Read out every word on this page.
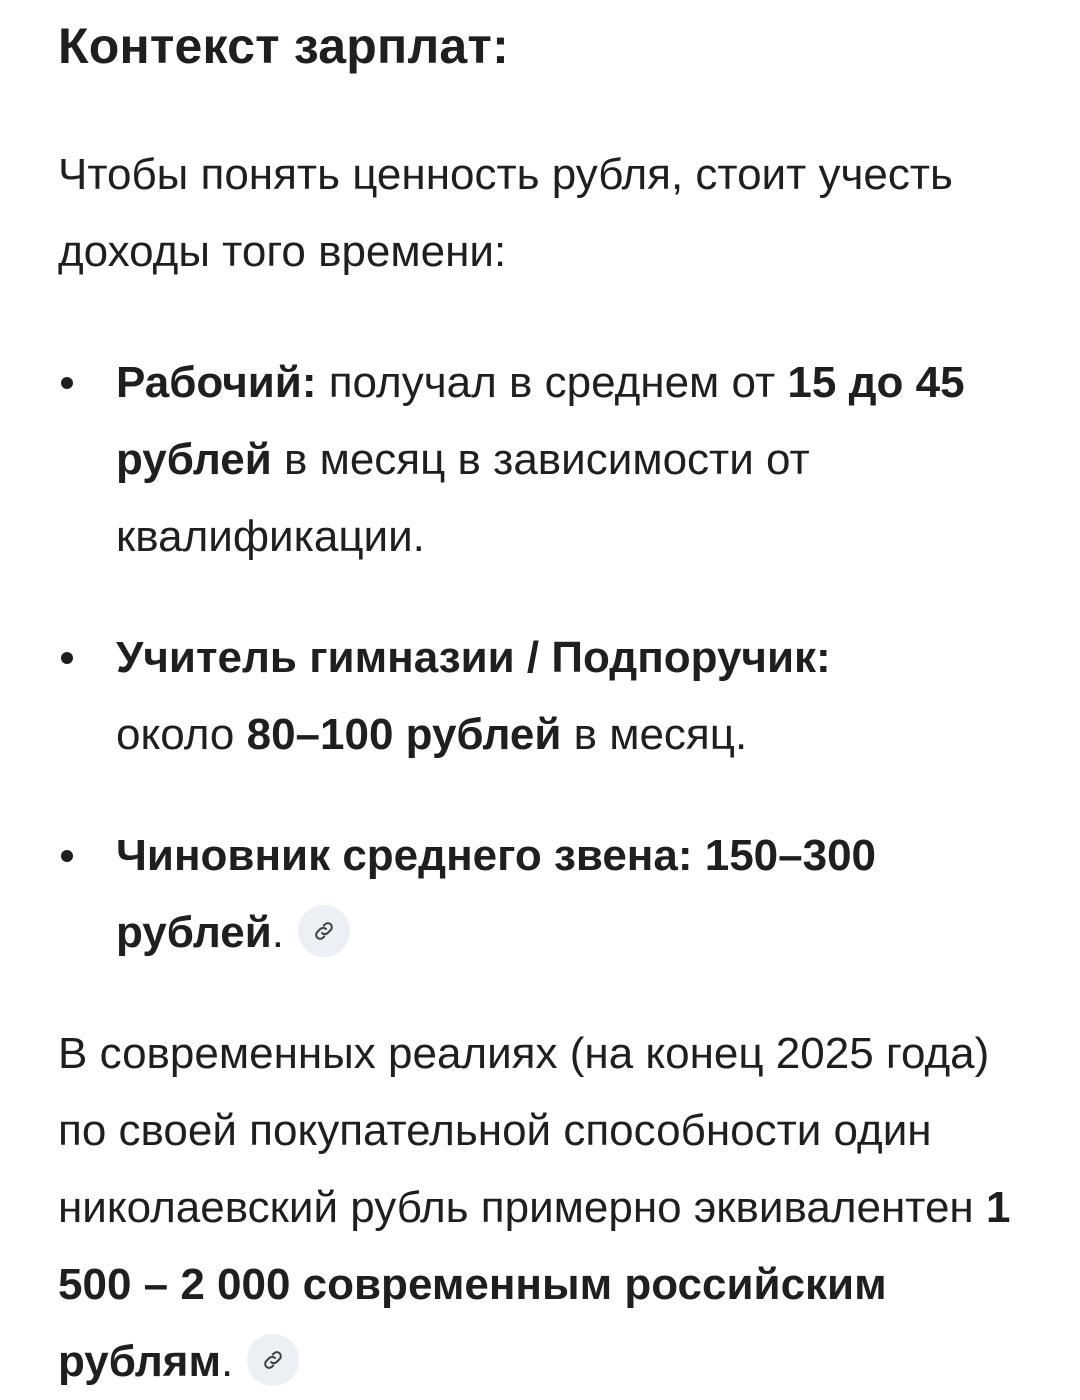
Контекст зарплат:

Чтобы понять ценность рубля, стоит учесть доходы того времени:

Рабочий: получал в среднем от 15 до 45 рублей в месяц в зависимости от квалификации.
Учитель гимназии / Подпоручик:
около 80–100 рублей в месяц.
Чиновник среднего звена: 150–300 рублей.

В современных реалиях (на конец 2025 года) по своей покупательной способности один николаевский рубль примерно эквивалентен 1 500 – 2 000 современным российским рублям.
